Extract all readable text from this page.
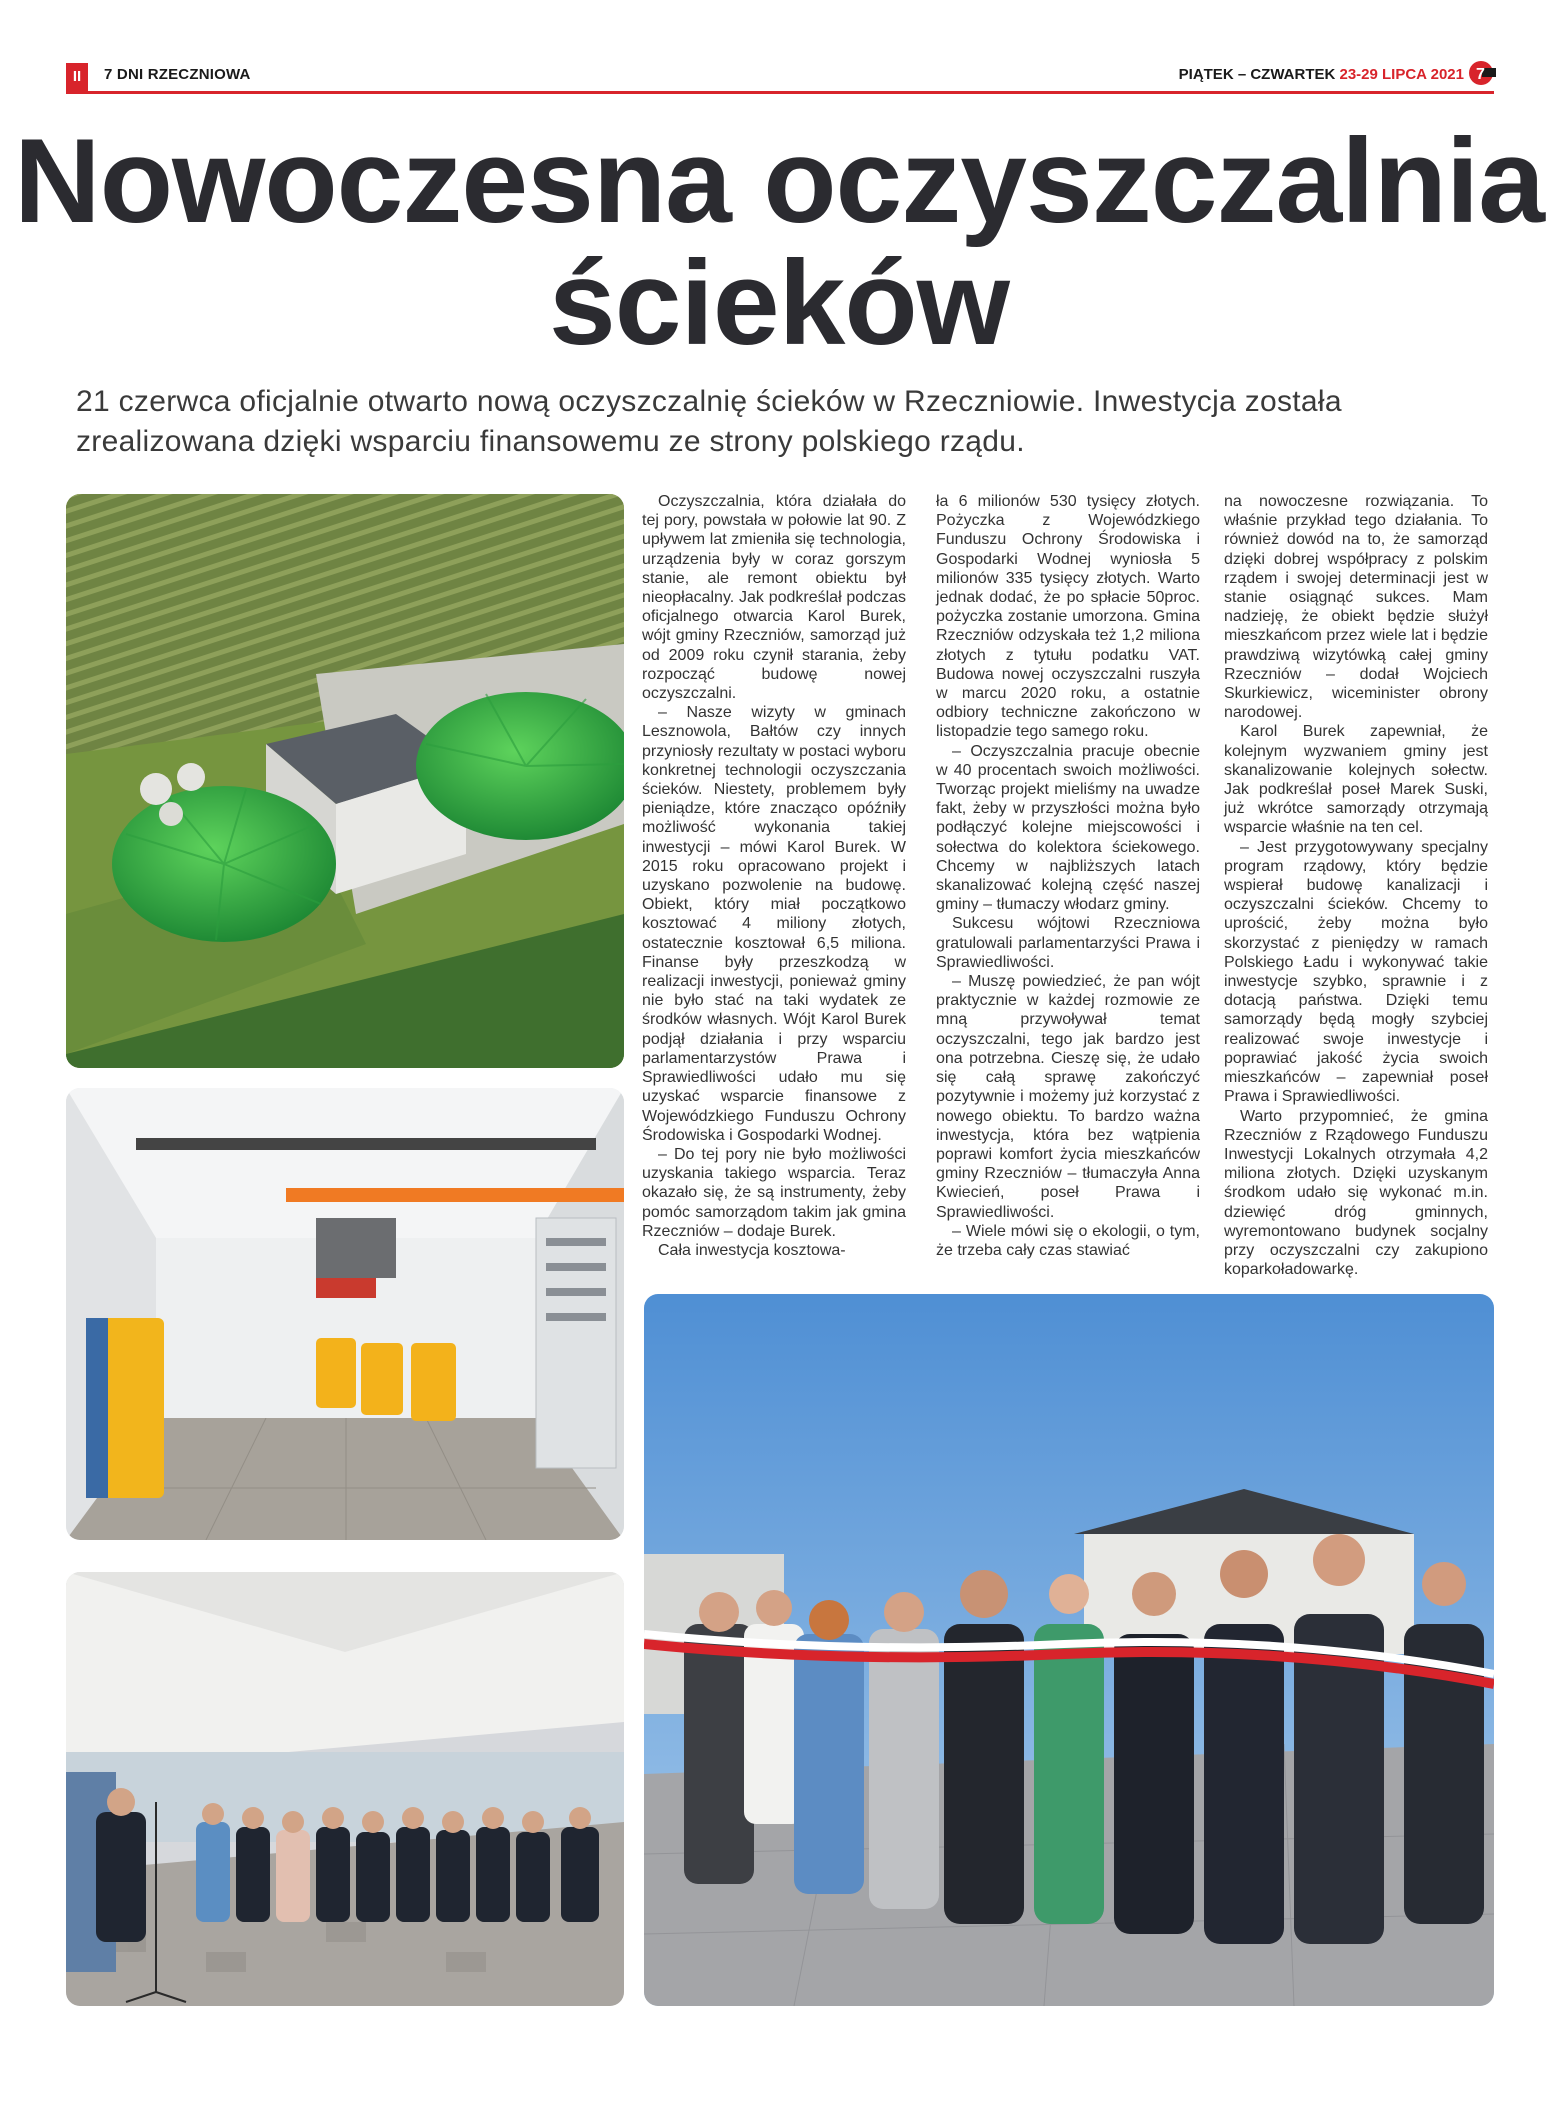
II	7 DNI RZECZNIOWA	PIĄTEK – CZWARTEK 23-29 LIPCA 2021 7
Nowoczesna oczyszczalnia
ścieków
21 czerwca oficjalnie otwarto nową oczyszczalnię ścieków w Rzeczniowie. Inwestycja została zrealizowana dzięki wsparciu finansowemu ze strony polskiego rządu.

Oczyszczalnia, która działała do tej pory, powstała w połowie lat 90. Z upływem lat zmieniła się technologia, urządzenia były w coraz gorszym stanie, ale remont obiektu był nieopłacalny. Jak podkreślał podczas oficjalnego otwarcia Karol Burek, wójt gminy Rzeczniów, samorząd już od 2009 roku czynił starania, żeby rozpocząć budowę nowej oczyszczalni.

– Nasze wizyty w gminach Lesznowola, Bałtów czy innych przyniosły rezultaty w postaci wyboru konkretnej technologii oczyszczania ścieków. Niestety, problemem były pieniądze, które znacząco opóźniły możliwość wykonania takiej inwestycji – mówi Karol Burek. W 2015 roku opracowano projekt i uzyskano pozwolenie na budowę. Obiekt, który miał początkowo kosztować 4 miliony złotych, ostatecznie kosztował 6,5 miliona. Finanse były przeszkodzą w realizacji inwestycji, ponieważ gminy nie było stać na taki wydatek ze środków własnych. Wójt Karol Burek podjął działania i przy wsparciu parlamentarzystów Prawa i Sprawiedliwości udało mu się uzyskać wsparcie finansowe z Wojewódzkiego Funduszu Ochrony Środowiska i Gospodarki Wodnej.

– Do tej pory nie było możliwości uzyskania takiego wsparcia. Teraz okazało się, że są instrumenty, żeby pomóc samorządom takim jak gmina Rzeczniów – dodaje Burek.

Cała inwestycja kosztowa-

ła 6 milionów 530 tysięcy złotych. Pożyczka z Wojewódzkiego Funduszu Ochrony Środowiska i Gospodarki Wodnej wyniosła 5 milionów 335 tysięcy złotych. Warto jednak dodać, że po spłacie 50proc. pożyczka zostanie umorzona. Gmina Rzeczniów odzyskała też 1,2 miliona złotych z tytułu podatku VAT. Budowa nowej oczyszczalni ruszyła w marcu 2020 roku, a ostatnie odbiory techniczne zakończono w listopadzie tego samego roku.

– Oczyszczalnia pracuje obecnie w 40 procentach swoich możliwości. Tworząc projekt mieliśmy na uwadze fakt, żeby w przyszłości można było podłączyć kolejne miejscowości i sołectwa do kolektora ściekowego. Chcemy w najbliższych latach skanalizować kolejną część naszej gminy – tłumaczy włodarz gminy.

Sukcesu wójtowi Rzeczniowa gratulowali parlamentarzyści Prawa i Sprawiedliwości.

– Muszę powiedzieć, że pan wójt praktycznie w każdej rozmowie ze mną przywoływał temat oczyszczalni, tego jak bardzo jest ona potrzebna. Cieszę się, że udało się całą sprawę zakończyć pozytywnie i możemy już korzystać z nowego obiektu. To bardzo ważna inwestycja, która bez wątpienia poprawi komfort życia mieszkańców gminy Rzeczniów – tłumaczyła Anna Kwiecień, poseł Prawa i Sprawiedliwości.

– Wiele mówi się o ekologii, o tym, że trzeba cały czas stawiać

na nowoczesne rozwiązania. To właśnie przykład tego działania. To również dowód na to, że samorząd dzięki dobrej współpracy z polskim rządem i swojej determinacji jest w stanie osiągnąć sukces. Mam nadzieję, że obiekt będzie służył mieszkańcom przez wiele lat i będzie prawdziwą wizytówką całej gminy Rzeczniów – dodał Wojciech Skurkiewicz, wiceminister obrony narodowej.

Karol Burek zapewniał, że kolejnym wyzwaniem gminy jest skanalizowanie kolejnych sołectw. Jak podkreślał poseł Marek Suski, już wkrótce samorządy otrzymają wsparcie właśnie na ten cel.

– Jest przygotowywany specjalny program rządowy, który będzie wspierał budowę kanalizacji i oczyszczalni ścieków. Chcemy to uprościć, żeby można było skorzystać z pieniędzy w ramach Polskiego Ładu i wykonywać takie inwestycje szybko, sprawnie i z dotacją państwa. Dzięki temu samorządy będą mogły szybciej realizować swoje inwestycje i poprawiać jakość życia swoich mieszkańców – zapewniał poseł Prawa i Sprawiedliwości.

Warto przypomnieć, że gmina Rzeczniów z Rządowego Funduszu Inwestycji Lokalnych otrzymała 4,2 miliona złotych. Dzięki uzyskanym środkom udało się wykonać m.in. dziewięć dróg gminnych, wyremontowano budynek socjalny przy oczyszczalni czy zakupiono koparkoładowarkę.
